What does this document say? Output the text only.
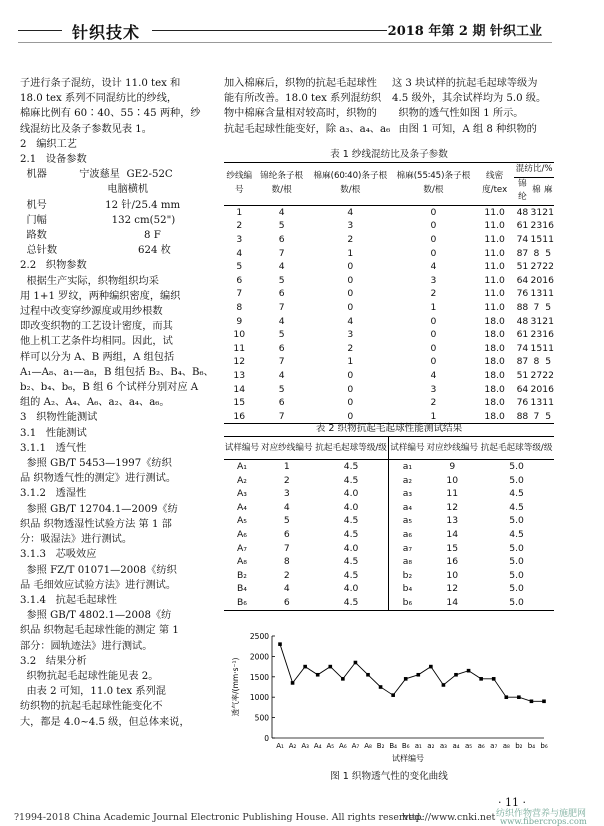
针织技术	2018 年第 2 期 针织工业

子进行条子混纺，设计 11.0 tex 和

18.0 tex 系列不同混纺比的纱线，

棉麻比例有 60∶40、55∶45 两种，纱

线混纺比及条子参数见表 1。

2   编织工艺

2.1   设备参数

机器          宁波慈星  GE2-52C

电脑横机

机号                  12 针/25.4 mm

门幅                    132 cm(52")

路数                              8 F

总针数                         624 枚

2.2   织物参数

根据生产实际，织物组织均采

用 1+1 罗纹，两种编织密度，编织

过程中改变穿纱源度或用纱根数

即改变织物的工艺设计密度，而其

他上机工艺条件均相同。因此，试

样可以分为 A、B 两组，A 组包括

A₁—A₈、a₁—a₈，B 组包括 B₂、B₄、B₆、

b₂、b₄、b₆，B 组 6 个试样分别对应 A

组的 A₂、A₄、A₆、a₂、a₄、a₆。

3   织物性能测试

3.1   性能测试

3.1.1   透气性

参照 GB/T 5453—1997《纺织

品 织物透气性的测定》进行测试。

3.1.2   透湿性

参照 GB/T 12704.1—2009《纺

织品 织物透湿性试验方法 第 1 部

分：吸湿法》进行测试。

3.1.3   芯吸效应

参照 FZ/T 01071—2008《纺织

品 毛细效应试验方法》进行测试。

3.1.4   抗起毛起球性

参照 GB/T 4802.1—2008《纺

织品 织物起毛起球性能的测定 第 1

部分：圆轨迹法》进行测试。

3.2   结果分析

织物抗起毛起球性能见表 2。

由表 2 可知，11.0 tex 系列混

纺织物的抗起毛起球性能变化不

大，都是 4.0~4.5 级，但总体来说，

加入棉麻后，织物的抗起毛起球性

能有所改善。18.0 tex 系列混纺织

物中棉麻含量相对较高时，织物的

抗起毛起球性能变好，除 a₃、a₄、a₆

这 3 块试样的抗起毛起球等级为

4.5 级外，其余试样均为 5.0 级。

织物的透气性如图 1 所示。

由图 1 可知，A 组 8 种织物的

表 1 纱线混纺比及条子参数
纱线编号	锦纶条子根数/根	棉麻(60∶40)条子根数/根	棉麻(55∶45)条子根数/根	线密度/tex	混纺比/%		
					锦纶	棉	麻
1	4	4	0	11.0	48	31	21
2	5	3	0	11.0	61	23	16
3	6	2	0	11.0	74	15	11
4	7	1	0	11.0	87	8	5
5	4	0	4	11.0	51	27	22
6	5	0	3	11.0	64	20	16
7	6	0	2	11.0	76	13	11
8	7	0	1	11.0	88	7	5
9	4	4	0	18.0	48	31	21
10	5	3	0	18.0	61	23	16
11	6	2	0	18.0	74	15	11
12	7	1	0	18.0	87	8	5
13	4	0	4	18.0	51	27	22
14	5	0	3	18.0	64	20	16
15	6	0	2	18.0	76	13	11
16	7	0	1	18.0	88	7	5
表 2 织物抗起毛起球性能测试结果
试样编号	对应纱线编号	抗起毛起球等级/级	试样编号	对应纱线编号	抗起毛起球等级/级
A₁	1	4.5	a₁	9	5.0
A₂	2	4.5	a₂	10	5.0
A₃	3	4.0	a₃	11	4.5
A₄	4	4.0	a₄	12	4.5
A₅	5	4.5	a₅	13	5.0
A₆	6	4.5	a₆	14	4.5
A₇	7	4.0	a₇	15	5.0
A₈	8	4.5	a₈	16	5.0
B₂	2	4.5	b₂	10	5.0
B₄	4	4.0	b₄	12	5.0
B₆	6	4.5	b₆	14	5.0
0
500
1000
1500
2000
2500
透气率/(mm·s⁻¹)
A₁ A₂ A₃ A₄ A₅ A₆ A₇ A₈ B₂ B₄ B₆ a₁ a₂ a₃ a₄ a₅ a₆ a₇ a₈ b₂ b₄ b₆
试样编号
图 1 织物透气性的变化曲线
· 11 ·
?1994-2018 China Academic Journal Electronic Publishing House. All rights reserved.
http://www.cnki.net 纺织作物营养与施肥网
www.fibercrops.com
